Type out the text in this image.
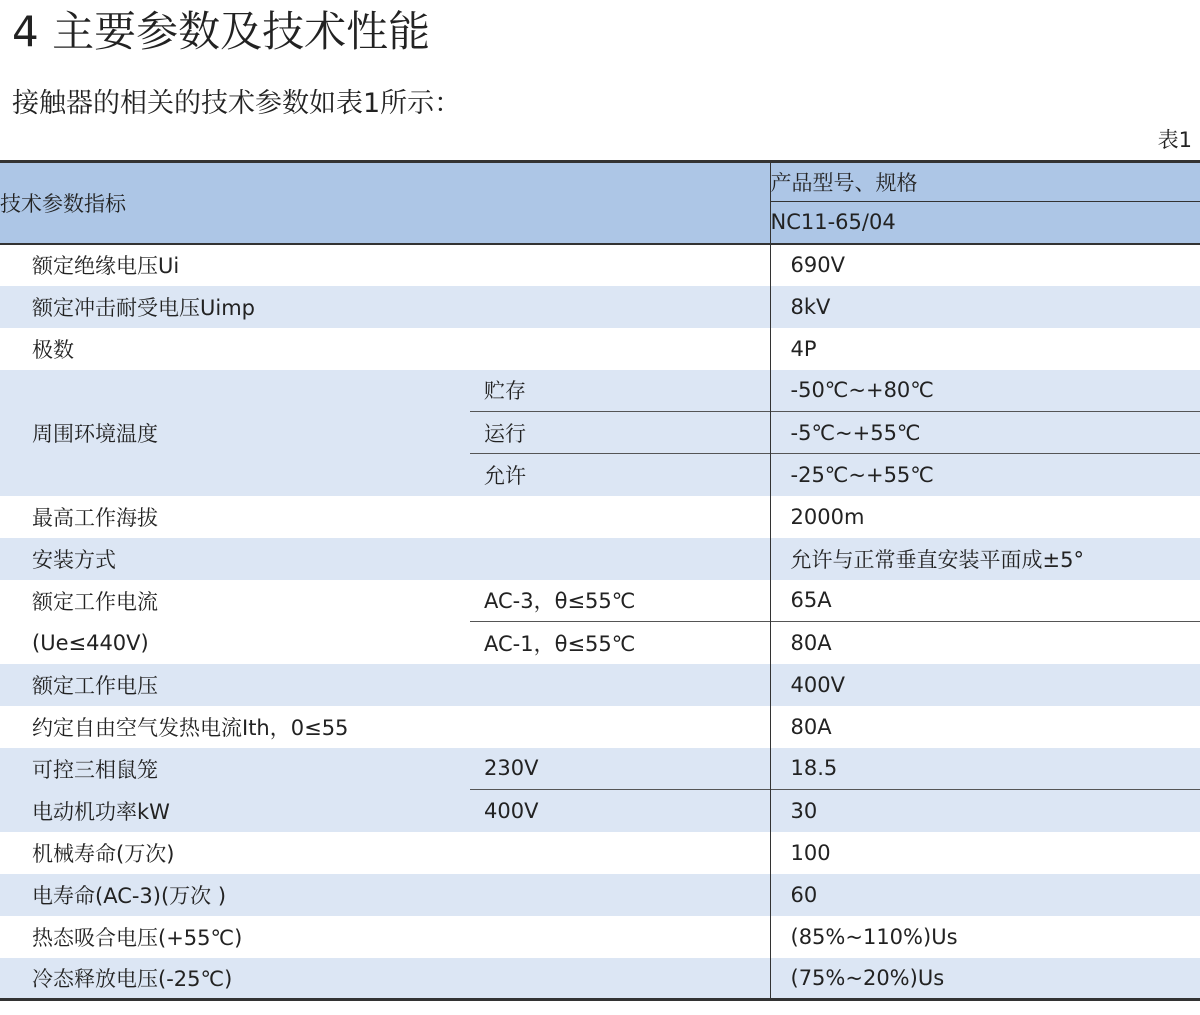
4 主要参数及技术性能

接触器的相关的技术参数如表1所示：

表1
技术参数指标		产品型号、规格
		NC11-65/04
额定绝缘电压Ui		690V
额定冲击耐受电压Uimp		8kV
极数		4P
周围环境温度	贮存	-50℃~+80℃
	运行	-5℃~+55℃
	允许	-25℃~+55℃
最高工作海拔		2000m
安装方式		允许与正常垂直安装平面成±5°
额定工作电流	AC-3，θ≤55℃	65A
(Ue≤440V)	AC-1，θ≤55℃	80A
额定工作电压		400V
约定自由空气发热电流Ith，0≤55		80A
可控三相鼠笼	230V	18.5
电动机功率kW	400V	30
机械寿命(万次)		100
电寿命(AC-3)(万次 )		60
热态吸合电压(+55℃)		(85%~110%)Us
冷态释放电压(-25℃)		(75%~20%)Us
